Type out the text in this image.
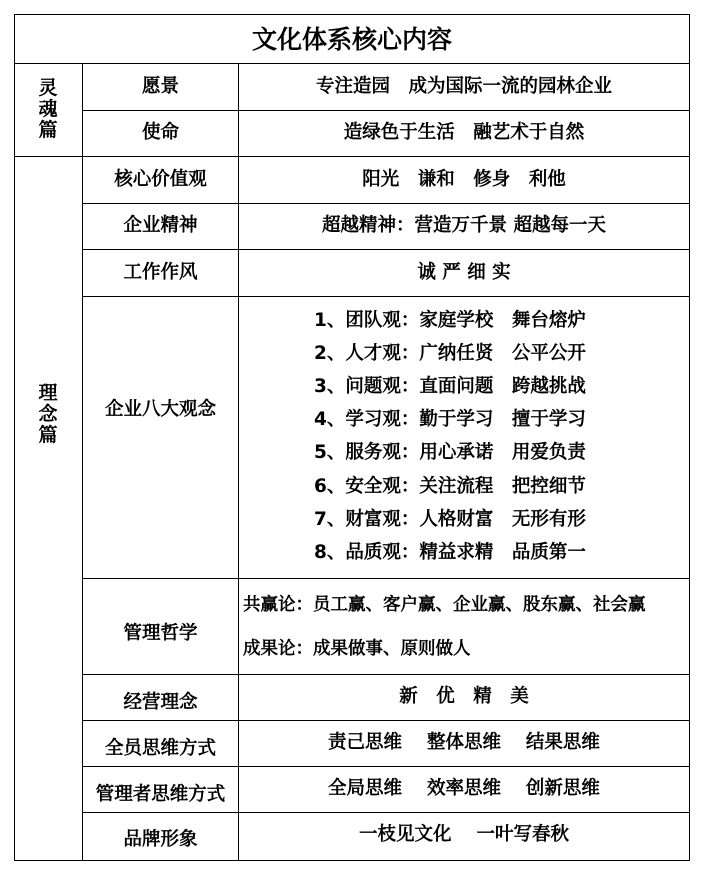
文化体系核心内容
灵魂篇
理念篇
愿景
使命
核心价值观
企业精神
工作作风
企业八大观念
管理哲学
经营理念
全员思维方式
管理者思维方式
品牌形象
专注造园　成为国际一流的园林企业
造绿色于生活　融艺术于自然
阳光　谦和　修身　利他
超越精神：营造万千景 超越每一天
诚 严 细 实
1、团队观：家庭学校　舞台熔炉
2、人才观：广纳任贤　公平公开
3、问题观：直面问题　跨越挑战
4、学习观：勤于学习　擅于学习
5、服务观：用心承诺　用爱负责
6、安全观：关注流程　把控细节
7、财富观：人格财富　无形有形
8、品质观：精益求精　品质第一
共赢论：员工赢、客户赢、企业赢、股东赢、社会赢
成果论：成果做事、原则做人
新　优　精　美
责己思维　 整体思维　 结果思维
全局思维　 效率思维　 创新思维
一枝见文化　 一叶写春秋
